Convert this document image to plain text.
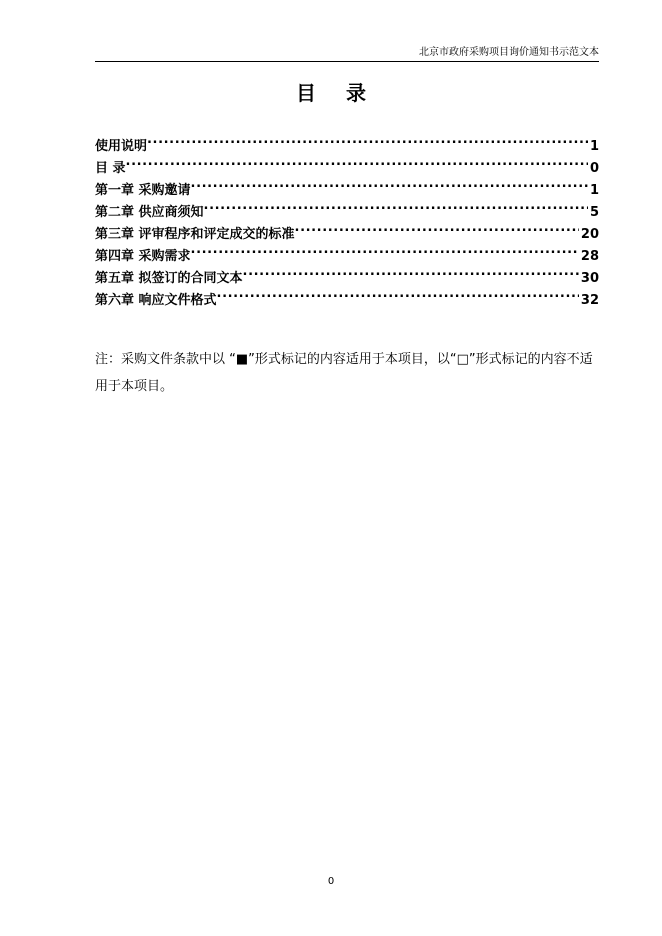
北京市政府采购项目询价通知书示范文本
目录
使用说明 .....	1
目 录 .....	0
第一章 采购邀请 .....	1
第二章 供应商须知 .....	5
第三章 评审程序和评定成交的标准 .....	20
第四章 采购需求 .....	28
第五章 拟签订的合同文本 .....	30
第六章 响应文件格式 .....	32

注：采购文件条款中以 “■”形式标记的内容适用于本项目，以“□”形式标记的内容不适用于本项目。

0
